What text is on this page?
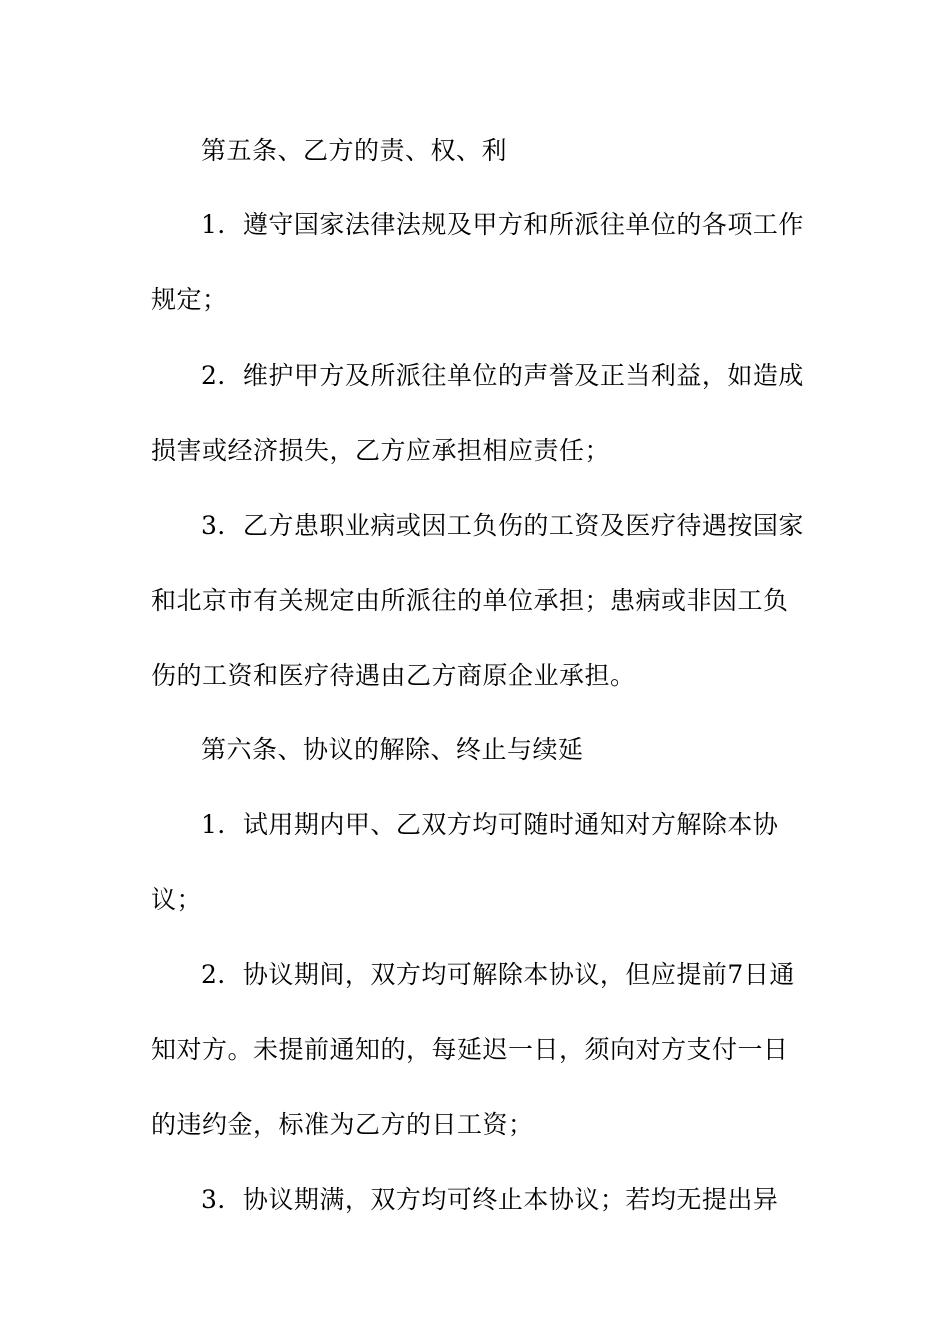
第五条、乙方的责、权、利
1．遵守国家法律法规及甲方和所派往单位的各项工作
规定；
2．维护甲方及所派往单位的声誉及正当利益，如造成
损害或经济损失，乙方应承担相应责任；
3．乙方患职业病或因工负伤的工资及医疗待遇按国家
和北京市有关规定由所派往的单位承担；患病或非因工负
伤的工资和医疗待遇由乙方商原企业承担。
第六条、协议的解除、终止与续延
1．试用期内甲、乙双方均可随时通知对方解除本协
议；
2．协议期间，双方均可解除本协议，但应提前7日通
知对方。未提前通知的，每延迟一日，须向对方支付一日
的违约金，标准为乙方的日工资；
3．协议期满，双方均可终止本协议；若均无提出异
